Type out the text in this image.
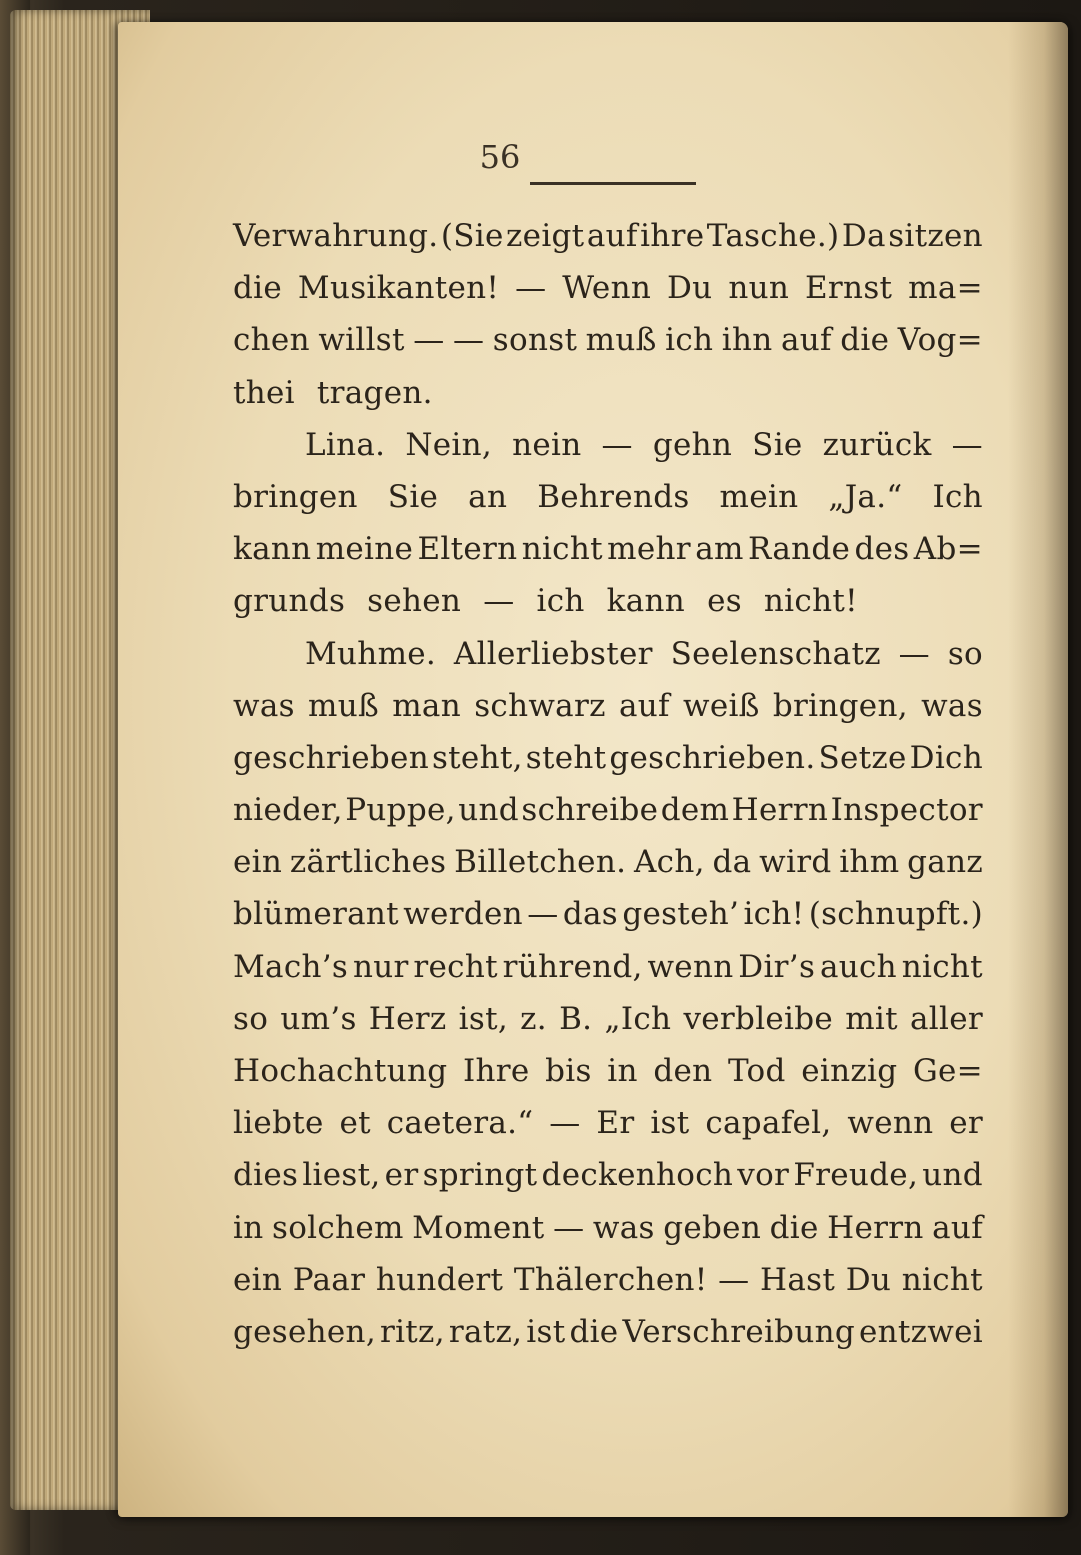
56
Verwahrung. (Sie zeigt auf ihre Tasche.) Da sitzen
die Musikanten! — Wenn Du nun Ernst ma=
chen willst — — sonst muß ich ihn auf die Vog=
thei tragen.
Lina. Nein, nein — gehn Sie zurück —
bringen Sie an Behrends mein „Ja.“ Ich
kann meine Eltern nicht mehr am Rande des Ab=
grunds sehen — ich kann es nicht!
Muhme. Allerliebster Seelenschatz — so
was muß man schwarz auf weiß bringen, was
geschrieben steht, steht geschrieben. Setze Dich
nieder, Puppe, und schreibe dem Herrn Inspector
ein zärtliches Billetchen. Ach, da wird ihm ganz
blümerant werden — das gesteh’ ich! (schnupft.)
Mach’s nur recht rührend, wenn Dir’s auch nicht
so um’s Herz ist, z. B. „Ich verbleibe mit aller
Hochachtung Ihre bis in den Tod einzig Ge=
liebte et caetera.“ — Er ist capafel, wenn er
dies liest, er springt deckenhoch vor Freude, und
in solchem Moment — was geben die Herrn auf
ein Paar hundert Thälerchen! — Hast Du nicht
gesehen, ritz, ratz, ist die Verschreibung entzwei
